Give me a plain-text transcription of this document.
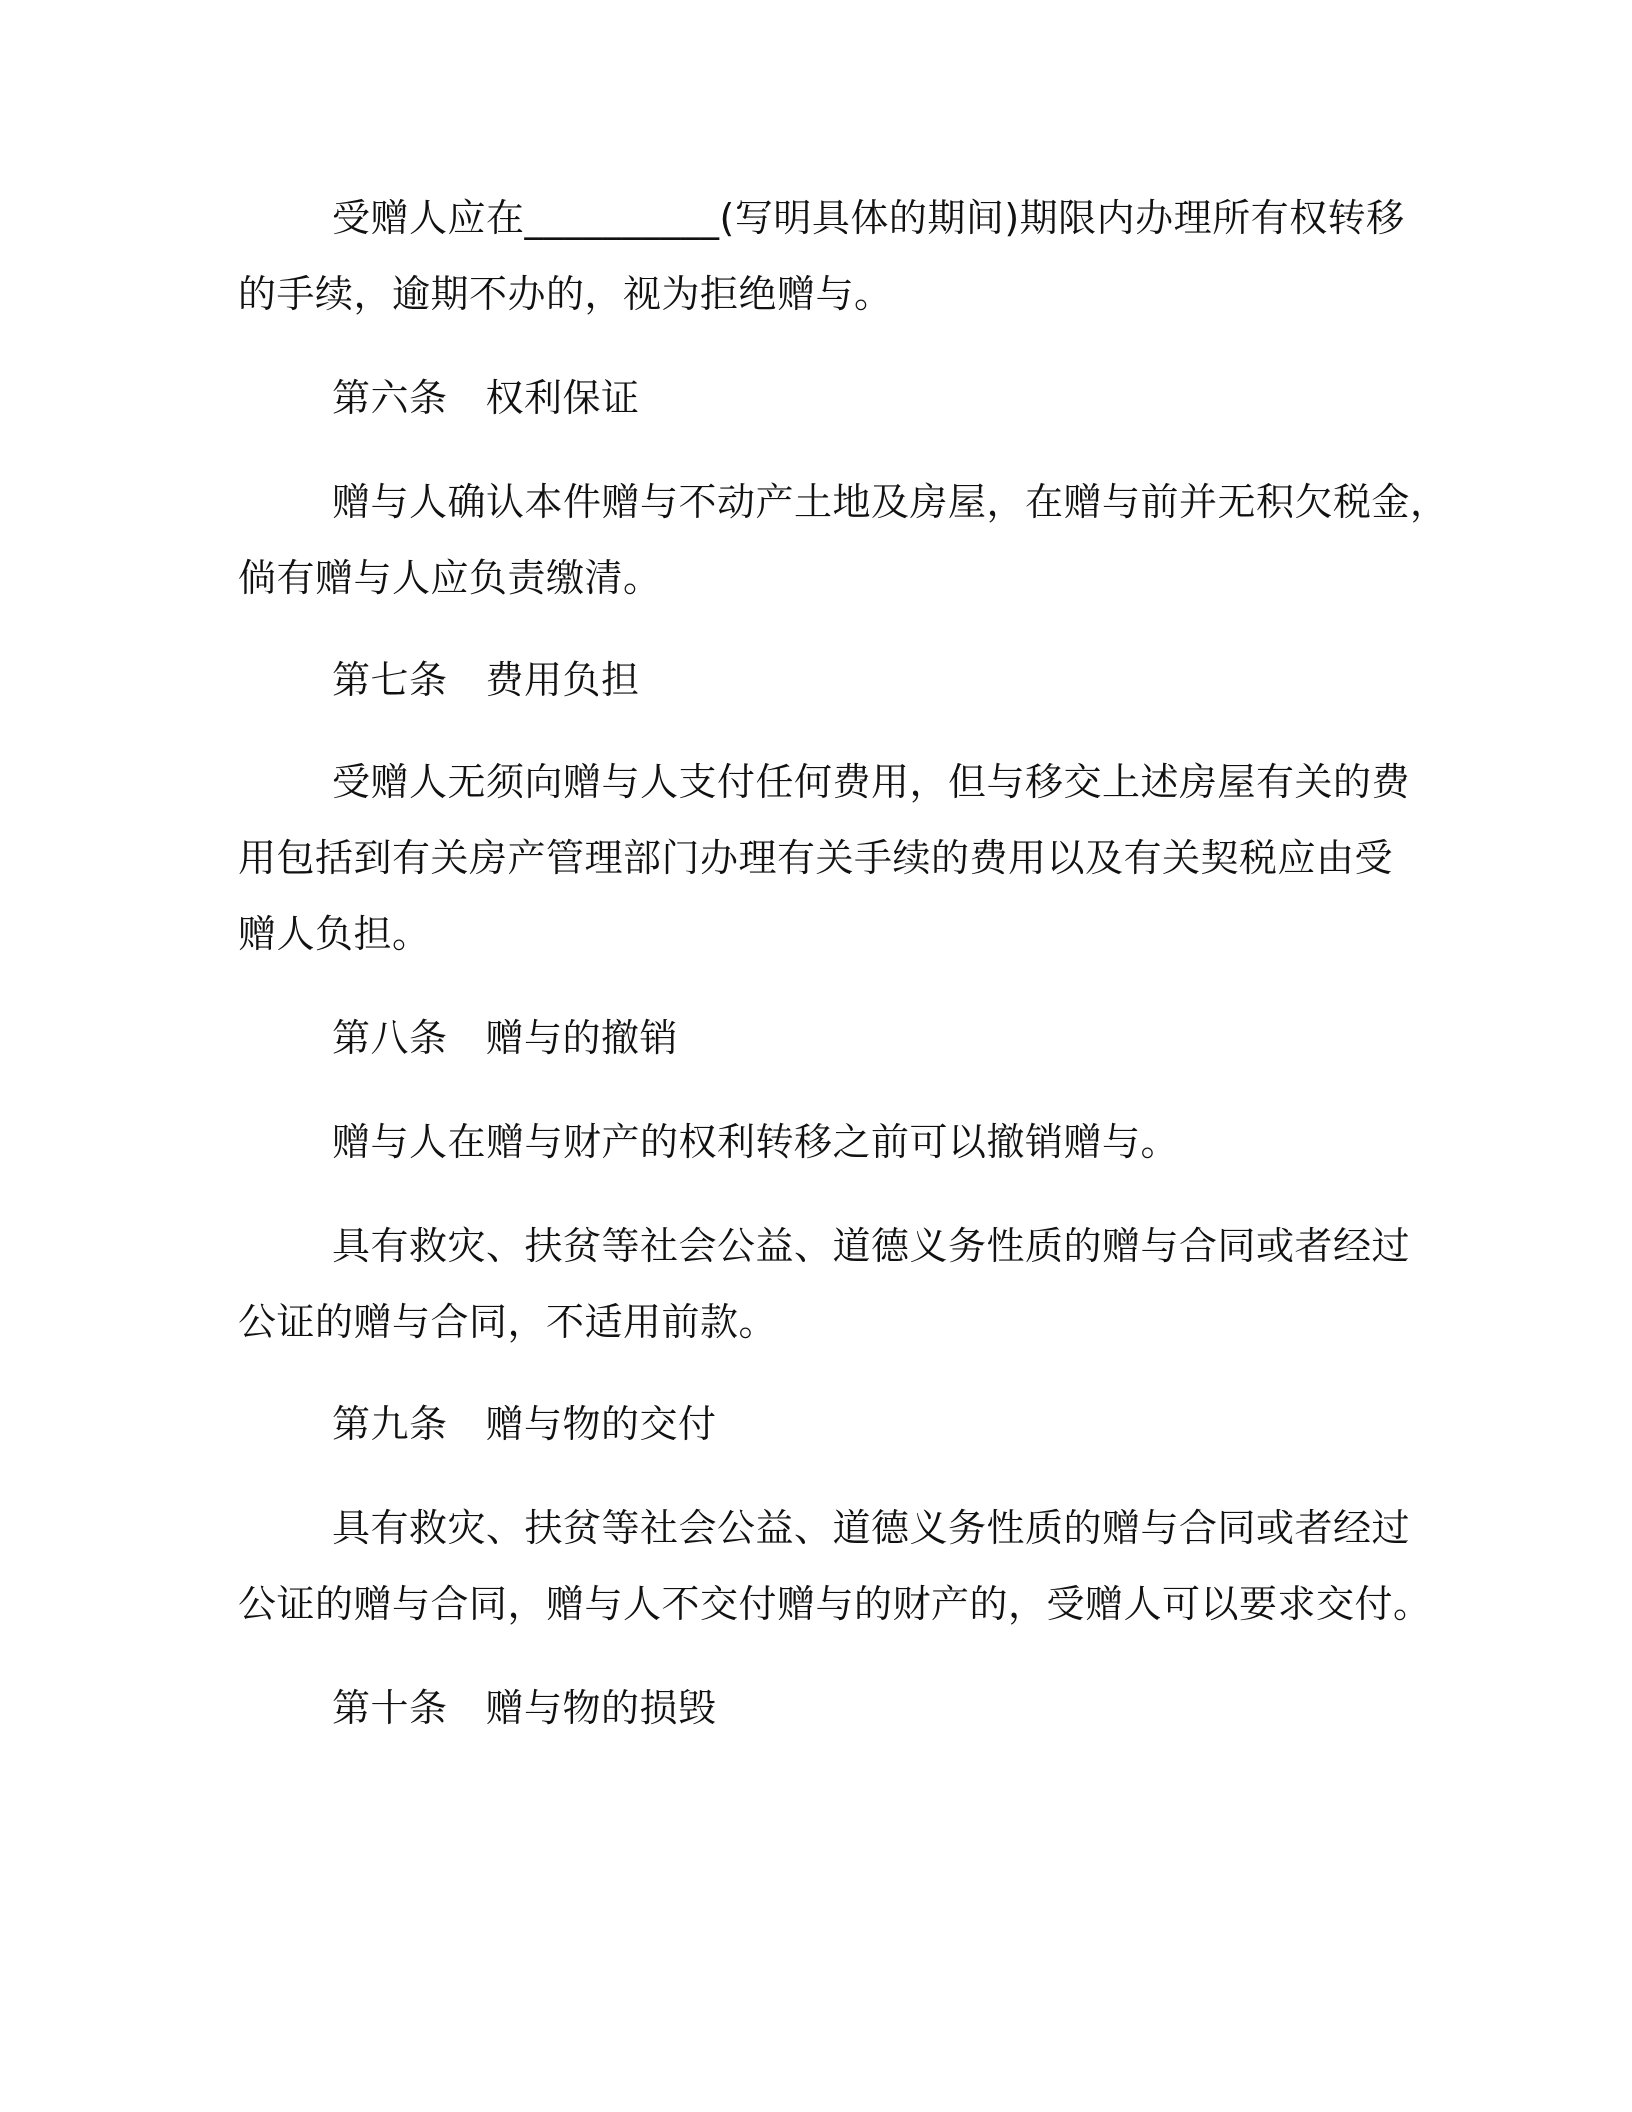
受赠人应在__________(写明具体的期间)期限内办理所有权转移
的手续，逾期不办的，视为拒绝赠与。
第六条 权利保证
赠与人确认本件赠与不动产土地及房屋，在赠与前并无积欠税金，
倘有赠与人应负责缴清。
第七条 费用负担
受赠人无须向赠与人支付任何费用，但与移交上述房屋有关的费
用包括到有关房产管理部门办理有关手续的费用以及有关契税应由受
赠人负担。
第八条 赠与的撤销
赠与人在赠与财产的权利转移之前可以撤销赠与。
具有救灾、扶贫等社会公益、道德义务性质的赠与合同或者经过
公证的赠与合同，不适用前款。
第九条 赠与物的交付
具有救灾、扶贫等社会公益、道德义务性质的赠与合同或者经过
公证的赠与合同，赠与人不交付赠与的财产的，受赠人可以要求交付。
第十条 赠与物的损毁
